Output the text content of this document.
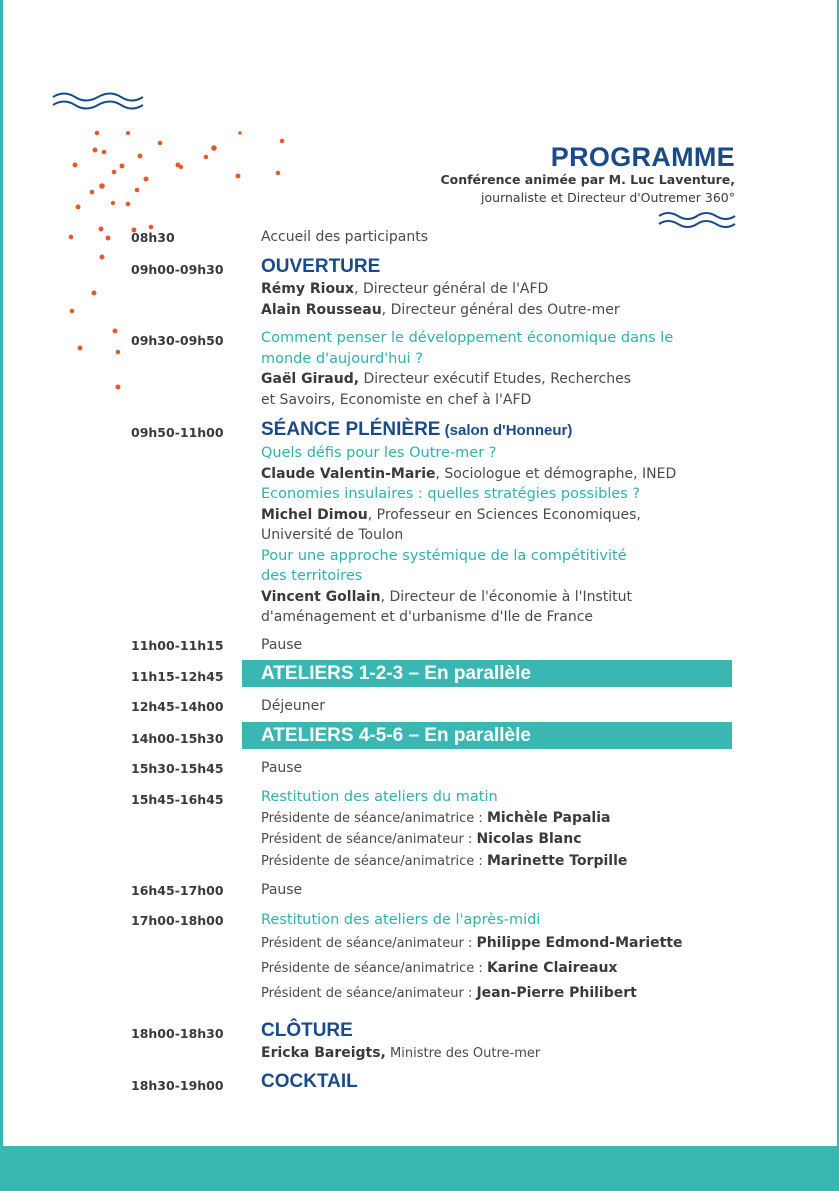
PROGRAMME
Conférence animée par M. Luc Laventure,
journaliste et Directeur d'Outremer 360°
08h30	Accueil des participants
09h00-09h30 OUVERTURE
Rémy Rioux, Directeur général de l'AFD
Alain Rousseau, Directeur général des Outre-mer
09h30-09h50	Comment penser le développement économique dans le
monde d'aujourd'hui ?
Gaël Giraud, Directeur exécutif Etudes, Recherches
et Savoirs, Economiste en chef à l'AFD
09h50-11h00 SÉANCE PLÉNIÈRE (salon d'Honneur)
Quels défis pour les Outre-mer ?
Claude Valentin-Marie, Sociologue et démographe, INED
Economies insulaires : quelles stratégies possibles ?
Michel Dimou, Professeur en Sciences Economiques,
Université de Toulon
Pour une approche systémique de la compétitivité
des territoires
Vincent Gollain, Directeur de l'économie à l'Institut
d'aménagement et d'urbanisme d'Ile de France
11h00-11h15	Pause
11h15-12h45	ATELIERS 1-2-3 – En parallèle
12h45-14h00	Déjeuner
14h00-15h30	ATELIERS 4-5-6 – En parallèle
15h30-15h45	Pause
15h45-16h45	Restitution des ateliers du matin
Présidente de séance/animatrice : Michèle Papalia
Président de séance/animateur : Nicolas Blanc
Présidente de séance/animatrice : Marinette Torpille
16h45-17h00	Pause
17h00-18h00	Restitution des ateliers de l'après-midi
Président de séance/animateur : Philippe Edmond-Mariette
Présidente de séance/animatrice : Karine Claireaux
Président de séance/animateur : Jean-Pierre Philibert
18h00-18h30 CLÔTURE
Ericka Bareigts, Ministre des Outre-mer
18h30-19h00 COCKTAIL
